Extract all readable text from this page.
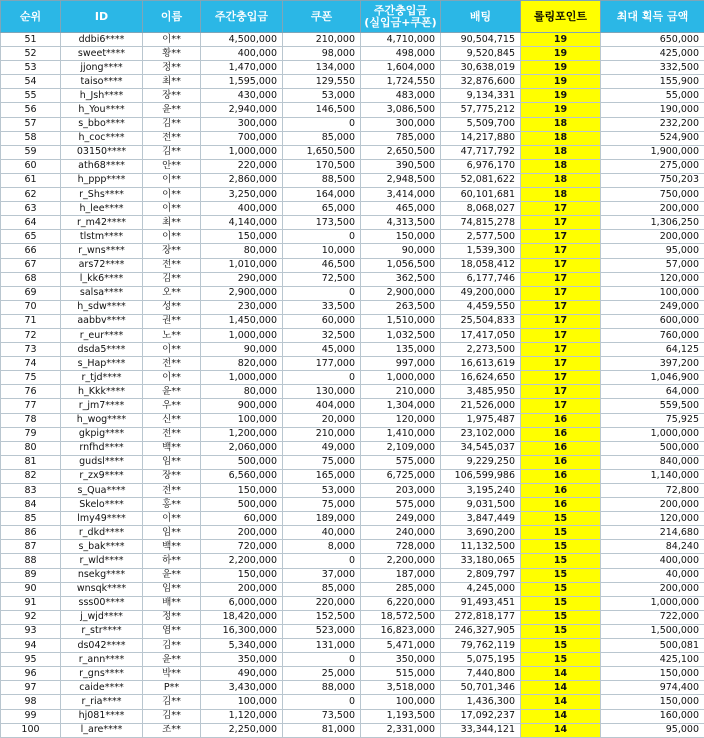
순위	ID	이름	주간충입금	쿠폰	주간충입금
(실입금+쿠폰)	배팅	롤링포인트	최대 획득 금액
51	ddbi6****	이**	4,500,000	210,000	4,710,000	90,504,715	19	650,000
52	sweet****	황**	400,000	98,000	498,000	9,520,845	19	425,000
53	jjong****	정**	1,470,000	134,000	1,604,000	30,638,019	19	332,500
54	taiso****	최**	1,595,000	129,550	1,724,550	32,876,600	19	155,900
55	h_Jsh****	장**	430,000	53,000	483,000	9,134,331	19	55,000
56	h_You****	윤**	2,940,000	146,500	3,086,500	57,775,212	19	190,000
57	s_bbo****	김**	300,000	0	300,000	5,509,700	18	232,200
58	h_coc****	전**	700,000	85,000	785,000	14,217,880	18	524,900
59	03150****	김**	1,000,000	1,650,500	2,650,500	47,717,792	18	1,900,000
60	ath68****	안**	220,000	170,500	390,500	6,976,170	18	275,000
61	h_ppp****	이**	2,860,000	88,500	2,948,500	52,081,622	18	750,203
62	r_Shs****	이**	3,250,000	164,000	3,414,000	60,101,681	18	750,000
63	h_lee****	이**	400,000	65,000	465,000	8,068,027	17	200,000
64	r_m42****	최**	4,140,000	173,500	4,313,500	74,815,278	17	1,306,250
65	tlstm****	이**	150,000	0	150,000	2,577,500	17	200,000
66	r_wns****	장**	80,000	10,000	90,000	1,539,300	17	95,000
67	ars72****	전**	1,010,000	46,500	1,056,500	18,058,412	17	57,000
68	l_kk6****	김**	290,000	72,500	362,500	6,177,746	17	120,000
69	salsa****	오**	2,900,000	0	2,900,000	49,200,000	17	100,000
70	h_sdw****	성**	230,000	33,500	263,500	4,459,550	17	249,000
71	aabbv****	권**	1,450,000	60,000	1,510,000	25,504,833	17	600,000
72	r_eur****	노**	1,000,000	32,500	1,032,500	17,417,050	17	760,000
73	dsda5****	이**	90,000	45,000	135,000	2,273,500	17	64,125
74	s_Hap****	전**	820,000	177,000	997,000	16,613,619	17	397,200
75	r_tjd****	이**	1,000,000	0	1,000,000	16,624,650	17	1,046,900
76	h_Kkk****	윤**	80,000	130,000	210,000	3,485,950	17	64,000
77	r_jm7****	우**	900,000	404,000	1,304,000	21,526,000	17	559,500
78	h_wog****	신**	100,000	20,000	120,000	1,975,487	16	75,925
79	gkpig****	전**	1,200,000	210,000	1,410,000	23,102,000	16	1,000,000
80	rnfhd****	백**	2,060,000	49,000	2,109,000	34,545,037	16	500,000
81	gudsl****	임**	500,000	75,000	575,000	9,229,250	16	840,000
82	r_zx9****	장**	6,560,000	165,000	6,725,000	106,599,986	16	1,140,000
83	s_Qua****	전**	150,000	53,000	203,000	3,195,240	16	72,800
84	Skelo****	홍**	500,000	75,000	575,000	9,031,500	16	200,000
85	lmy49****	이**	60,000	189,000	249,000	3,847,449	15	120,000
86	r_dkd****	임**	200,000	40,000	240,000	3,690,200	15	214,680
87	s_bak****	백**	720,000	8,000	728,000	11,132,500	15	84,240
88	r_wld****	하**	2,200,000	0	2,200,000	33,180,065	15	400,000
89	nsekg****	윤**	150,000	37,000	187,000	2,809,797	15	40,000
90	wnsqk****	임**	200,000	85,000	285,000	4,245,000	15	200,000
91	sss00****	배**	6,000,000	220,000	6,220,000	91,493,451	15	1,000,000
92	j_wjd****	정**	18,420,000	152,500	18,572,500	272,818,177	15	722,000
93	r_str****	염**	16,300,000	523,000	16,823,000	246,327,905	15	1,500,000
94	ds042****	김**	5,340,000	131,000	5,471,000	79,762,119	15	500,081
95	r_ann****	윤**	350,000	0	350,000	5,075,195	15	425,100
96	r_gns****	박**	490,000	25,000	515,000	7,440,800	14	150,000
97	caide****	P**	3,430,000	88,000	3,518,000	50,701,346	14	974,400
98	r_ria****	김**	100,000	0	100,000	1,436,300	14	150,000
99	hj081****	김**	1,120,000	73,500	1,193,500	17,092,237	14	160,000
100	l_are****	조**	2,250,000	81,000	2,331,000	33,344,121	14	95,000
